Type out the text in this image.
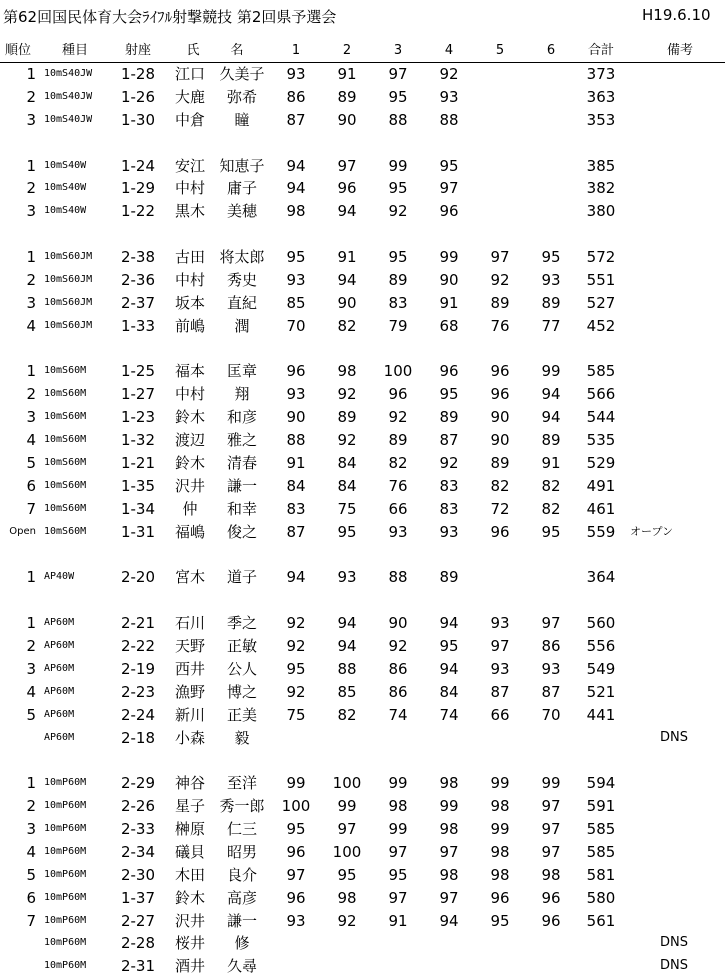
第62回国民体育大会ﾗｲﾌﾙ射撃競技 第2回県予選会	H19.6.10
順位	種目	射座	氏	名	1	2	3	4	5	6	合計	備考
1 10mS40JW	1-28	江口 久美子	93	91	97	92	373
2 10mS40JW	1-26	大鹿	弥希	86	89	95	93	363
3 10mS40JW	1-30	中倉	瞳	87	90	88	88	353
1 10mS40W	1-24	安江 知恵子	94	97	99	95	385
2 10mS40W	1-29	中村	庸子	94	96	95	97	382
3 10mS40W	1-22	黒木	美穂	98	94	92	96	380
1 10mS60JM	2-38	古田 将太郎	95	91	95	99	97	95	572
2 10mS60JM	2-36	中村	秀史	93	94	89	90	92	93	551
3 10mS60JM	2-37	坂本	直紀	85	90	83	91	89	89	527
4 10mS60JM	1-33	前嶋	潤	70	82	79	68	76	77	452
1 10mS60M	1-25	福本	匡章	96	98	100	96	96	99	585
2 10mS60M	1-27	中村	翔	93	92	96	95	96	94	566
3 10mS60M	1-23	鈴木	和彦	90	89	92	89	90	94	544
4 10mS60M	1-32	渡辺	雅之	88	92	89	87	90	89	535
5 10mS60M	1-21	鈴木	清春	91	84	82	92	89	91	529
6 10mS60M	1-35	沢井	謙一	84	84	76	83	82	82	491
7 10mS60M	1-34	仲	和幸	83	75	66	83	72	82	461
Open 10mS60M	1-31	福嶋	俊之	87	95	93	93	96	95	559	オープン
1 AP40W	2-20	宮木	道子	94	93	88	89	364
1 AP60M	2-21	石川	季之	92	94	90	94	93	97	560
2 AP60M	2-22	天野	正敏	92	94	92	95	97	86	556
3 AP60M	2-19	西井	公人	95	88	86	94	93	93	549
4 AP60M	2-23	漁野	博之	92	85	86	84	87	87	521
5 AP60M	2-24	新川	正美	75	82	74	74	66	70	441
AP60M	2-18	小森	毅	DNS
1 10mP60M	2-29	神谷	至洋	99	100	99	98	99	99	594
2 10mP60M	2-26	星子 秀一郎	100	99	98	99	98	97	591
3 10mP60M	2-33	榊原	仁三	95	97	99	98	99	97	585
4 10mP60M	2-34	礒貝	昭男	96	100	97	97	98	97	585
5 10mP60M	2-30	木田	良介	97	95	95	98	98	98	581
6 10mP60M	1-37	鈴木	高彦	96	98	97	97	96	96	580
7 10mP60M	2-27	沢井	謙一	93	92	91	94	95	96	561
10mP60M	2-28	桜井	修	DNS
10mP60M	2-31	酒井	久尋	DNS
